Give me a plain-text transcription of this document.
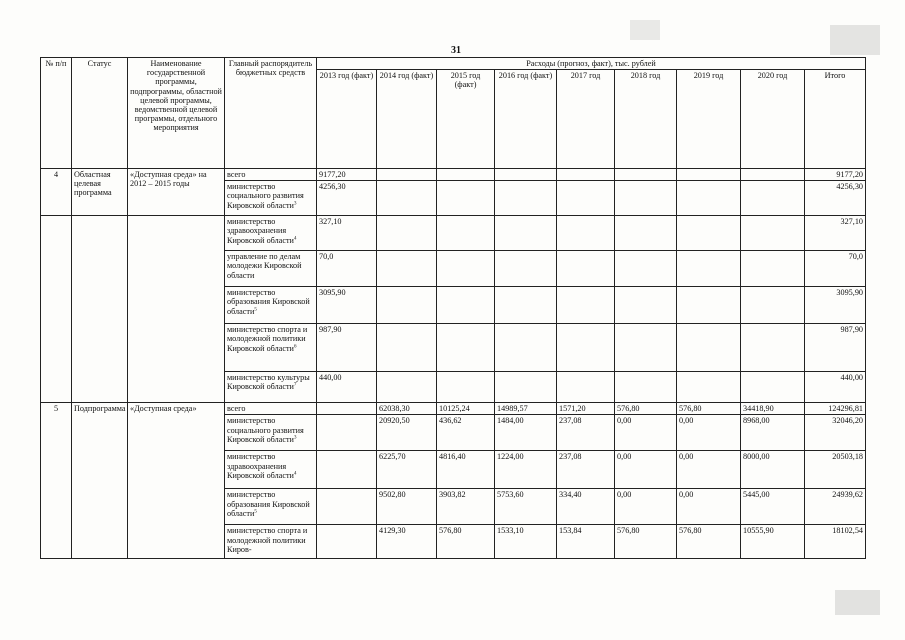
31
№ п/п	Статус	Наименование государственной программы, подпрограммы, областной целевой программы, ведомственной целевой программы, отдельного мероприятия	Главный распорядитель бюджетных средств	Расходы (прогноз, факт), тыс. рублей								
				2013 год (факт)	2014 год (факт)	2015 год (факт)	2016 год (факт)	2017 год	2018 год	2019 год	2020 год	Итого
4	Областная целевая программа	«Доступная среда» на 2012 – 2015 годы	всего	9177,20								9177,20
			министерство социального развития Кировской области$^3$	4256,30								4256,30
			министерство здравоохранения Кировской области$^4$	327,10								327,10
			управление по делам молодежи Кировской области	70,0								70,0
			министерство образования Кировской области$^5$	3095,90								3095,90
			министерство спорта и молодежной политики Кировской области$^6$	987,90								987,90
			министерство культуры Кировской области$^7$	440,00								440,00
5	Подпрограмма	«Доступная среда»	всего		62038,30	10125,24	14989,57	1571,20	576,80	576,80	34418,90	124296,81
			министерство социального развития Кировской области$^3$		20920,50	436,62	1484,00	237,08	0,00	0,00	8968,00	32046,20
			министерство здравоохранения Кировской области$^4$		6225,70	4816,40	1224,00	237,08	0,00	0,00	8000,00	20503,18
			министерство образования Кировской области$^5$		9502,80	3903,82	5753,60	334,40	0,00	0,00	5445,00	24939,62
			министерство спорта и молодежной политики Киров-		4129,30	576,80	1533,10	153,84	576,80	576,80	10555,90	18102,54
